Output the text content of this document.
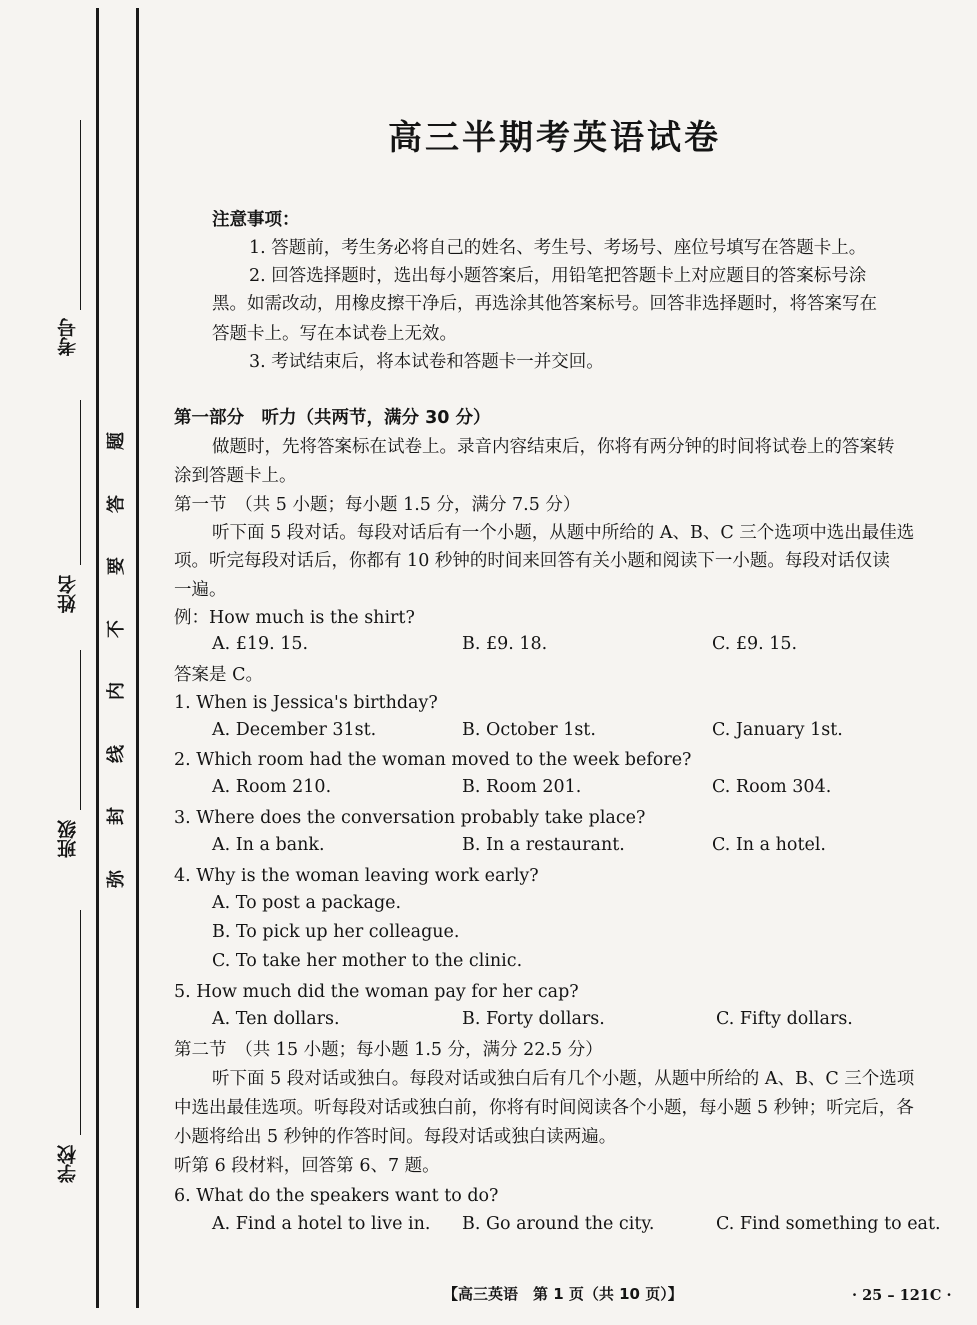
考号
姓名
班级
学校
题
答
要
不
内
线
封
弥
高三半期考英语试卷
注意事项：
1. 答题前，考生务必将自己的姓名、考生号、考场号、座位号填写在答题卡上。
2. 回答选择题时，选出每小题答案后，用铅笔把答题卡上对应题目的答案标号涂
黑。如需改动，用橡皮擦干净后，再选涂其他答案标号。回答非选择题时，将答案写在
答题卡上。写在本试卷上无效。
3. 考试结束后，将本试卷和答题卡一并交回。
第一部分　听力（共两节，满分 30 分）
做题时，先将答案标在试卷上。录音内容结束后，你将有两分钟的时间将试卷上的答案转
涂到答题卡上。
第一节　（共 5 小题；每小题 1.5 分，满分 7.5 分）
听下面 5 段对话。每段对话后有一个小题，从题中所给的 A、B、C 三个选项中选出最佳选
项。听完每段对话后，你都有 10 秒钟的时间来回答有关小题和阅读下一小题。每段对话仅读
一遍。
例：How much is the shirt?
A. £19. 15.	B. £9. 18.	C. £9. 15.
答案是 C。
1. When is Jessica's birthday?
A. December 31st.	B. October 1st.	C. January 1st.
2. Which room had the woman moved to the week before?
A. Room 210.	B. Room 201.	C. Room 304.
3. Where does the conversation probably take place?
A. In a bank.	B. In a restaurant.	C. In a hotel.
4. Why is the woman leaving work early?
A. To post a package.
B. To pick up her colleague.
C. To take her mother to the clinic.
5. How much did the woman pay for her cap?
A. Ten dollars.	B. Forty dollars.	C. Fifty dollars.
第二节　（共 15 小题；每小题 1.5 分，满分 22.5 分）
听下面 5 段对话或独白。每段对话或独白后有几个小题，从题中所给的 A、B、C 三个选项
中选出最佳选项。听每段对话或独白前，你将有时间阅读各个小题，每小题 5 秒钟；听完后，各
小题将给出 5 秒钟的作答时间。每段对话或独白读两遍。
听第 6 段材料，回答第 6、7 题。
6. What do the speakers want to do?
A. Find a hotel to live in. B. Go around the city.	C. Find something to eat.
【高三英语　第 1 页（共 10 页）】	· 25 – 121C ·
